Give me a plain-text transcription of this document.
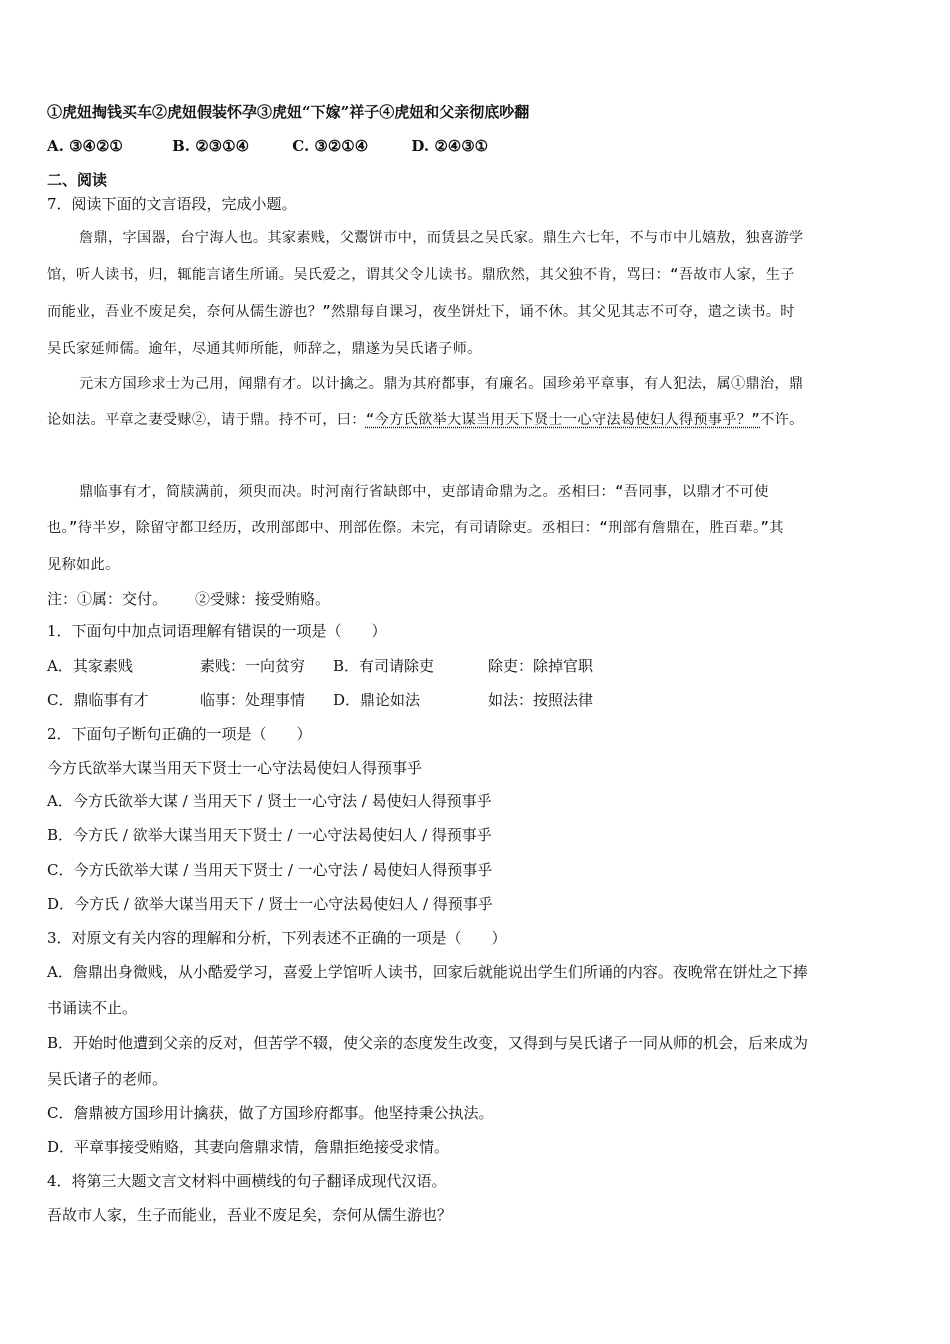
①虎妞掏钱买车②虎妞假装怀孕③虎妞“下嫁”祥子④虎妞和父亲彻底吵翻
A. ③④②①	B. ②③①④	C. ③②①④	D. ②④③①
二、阅读
7．阅读下面的文言语段，完成小题。
詹鼎，字国器，台宁海人也。其家素贱，父鬻饼市中，而赁县之吴氏家。鼎生六七年，不与市中儿嬉敖，独喜游学
馆，听人读书，归，辄能言诸生所诵。吴氏爱之，谓其父令儿读书。鼎欣然，其父独不肯，骂曰：“吾故市人家，生子
而能业，吾业不废足矣，奈何从儒生游也？”然鼎每自课习，夜坐饼灶下，诵不休。其父见其志不可夺，遣之读书。时
吴氏家延师儒。逾年，尽通其师所能，师辞之，鼎遂为吴氏诸子师。
元末方国珍求士为己用，闻鼎有才。以计擒之。鼎为其府都事，有廉名。国珍弟平章事，有人犯法，属①鼎治，鼎
论如法。平章之妻受赇②，请于鼎。持不可，曰：“今方氏欲举大谋当用天下贤士一心守法曷使妇人得预事乎？”不许。
鼎临事有才，简牍满前，须臾而决。时河南行省缺郎中，吏部请命鼎为之。丞相曰：“吾同事，以鼎才不可使
也。”待半岁，除留守都卫经历，改刑部郎中、刑部佐傺。未完，有司请除吏。丞相曰：“刑部有詹鼎在，胜百辈。”其
见称如此。
注：①属：交付。 ②受赇：接受贿赂。
1．下面句中加点词语理解有错误的一项是（　　）
A．其家素贱	素贱：一向贫穷 B．有司请除吏	除吏：除掉官职
C．鼎临事有才	临事：处理事情 D．鼎论如法	如法：按照法律
2．下面句子断句正确的一项是（　　）
今方氏欲举大谋当用天下贤士一心守法曷使妇人得预事乎
A．今方氏欲举大谋 / 当用天下 / 贤士一心守法 / 曷使妇人得预事乎
B．今方氏 / 欲举大谋当用天下贤士 / 一心守法曷使妇人 / 得预事乎
C．今方氏欲举大谋 / 当用天下贤士 / 一心守法 / 曷使妇人得预事乎
D．今方氏 / 欲举大谋当用天下 / 贤士一心守法曷使妇人 / 得预事乎
3．对原文有关内容的理解和分析，下列表述不正确的一项是（　　）
A．詹鼎出身微贱，从小酷爱学习，喜爱上学馆听人读书，回家后就能说出学生们所诵的内容。夜晚常在饼灶之下捧
书诵读不止。
B．开始时他遭到父亲的反对，但苦学不辍，使父亲的态度发生改变，又得到与吴氏诸子一同从师的机会，后来成为
吴氏诸子的老师。
C．詹鼎被方国珍用计擒获，做了方国珍府都事。他坚持秉公执法。
D．平章事接受贿赂，其妻向詹鼎求情，詹鼎拒绝接受求情。
4．将第三大题文言文材料中画横线的句子翻译成现代汉语。
吾故市人家，生子而能业，吾业不废足矣，奈何从儒生游也？
